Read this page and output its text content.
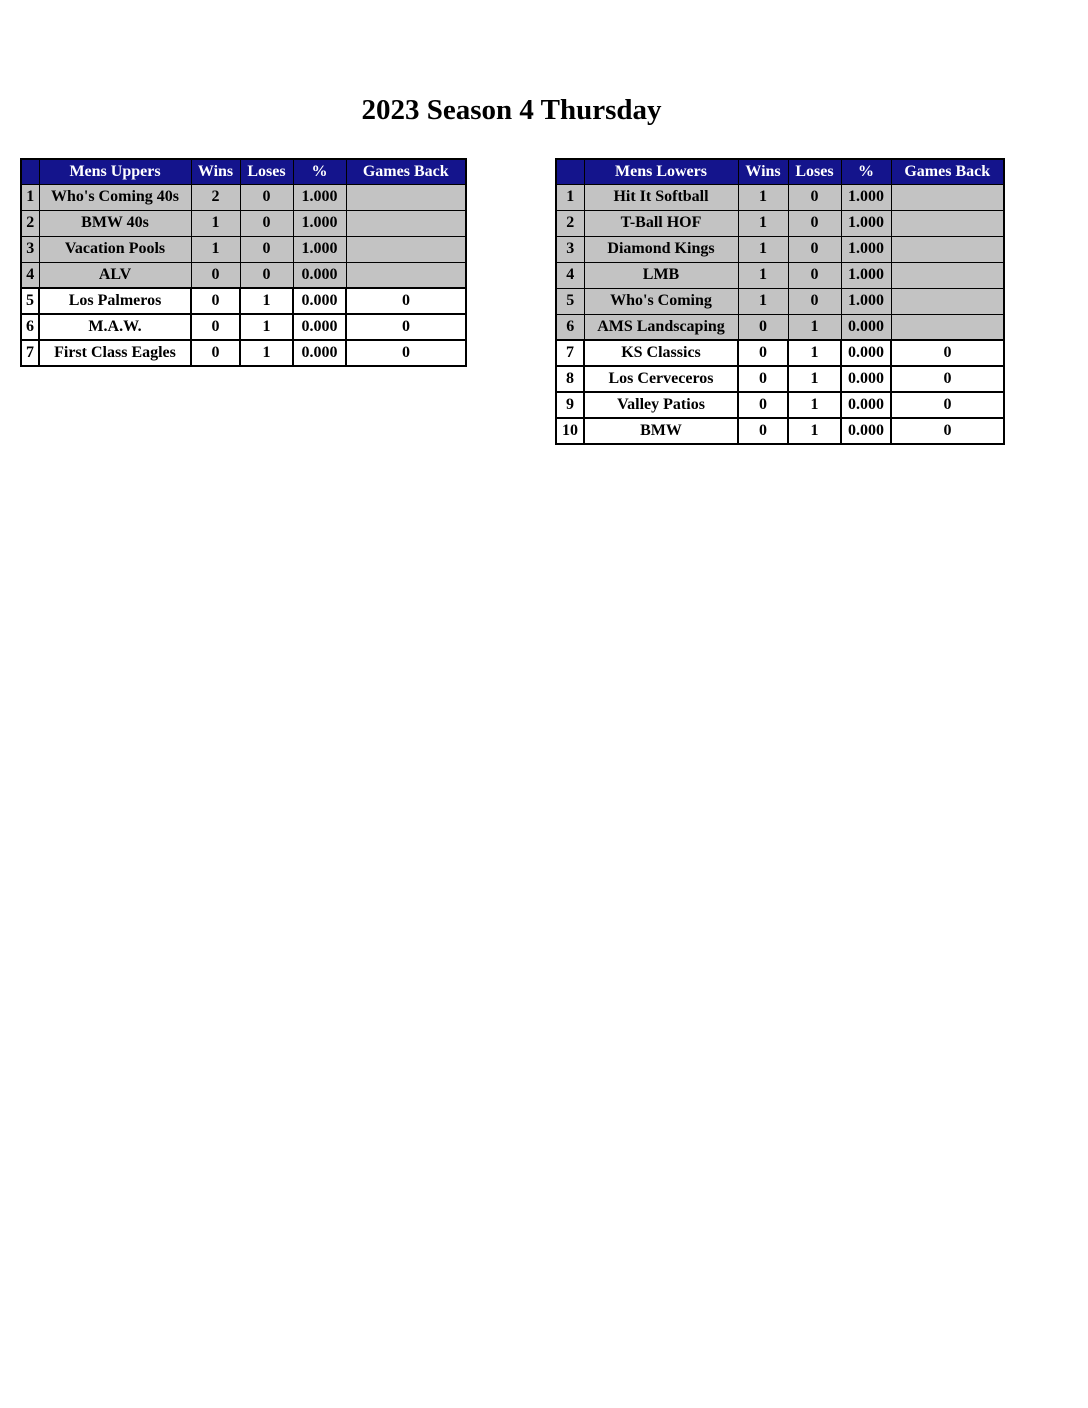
2023 Season 4 Thursday
	Mens Uppers	Wins	Loses	%	Games Back
1	Who's Coming 40s	2	0	1.000	
2	BMW 40s	1	0	1.000	
3	Vacation Pools	1	0	1.000	
4	ALV	0	0	0.000	
5	Los Palmeros	0	1	0.000	0
6	M.A.W.	0	1	0.000	0
7	First Class Eagles	0	1	0.000	0
	Mens Lowers	Wins	Loses	%	Games Back
1	Hit It Softball	1	0	1.000	
2	T-Ball HOF	1	0	1.000	
3	Diamond Kings	1	0	1.000	
4	LMB	1	0	1.000	
5	Who's Coming	1	0	1.000	
6	AMS Landscaping	0	1	0.000	
7	KS Classics	0	1	0.000	0
8	Los Cerveceros	0	1	0.000	0
9	Valley Patios	0	1	0.000	0
10	BMW	0	1	0.000	0
